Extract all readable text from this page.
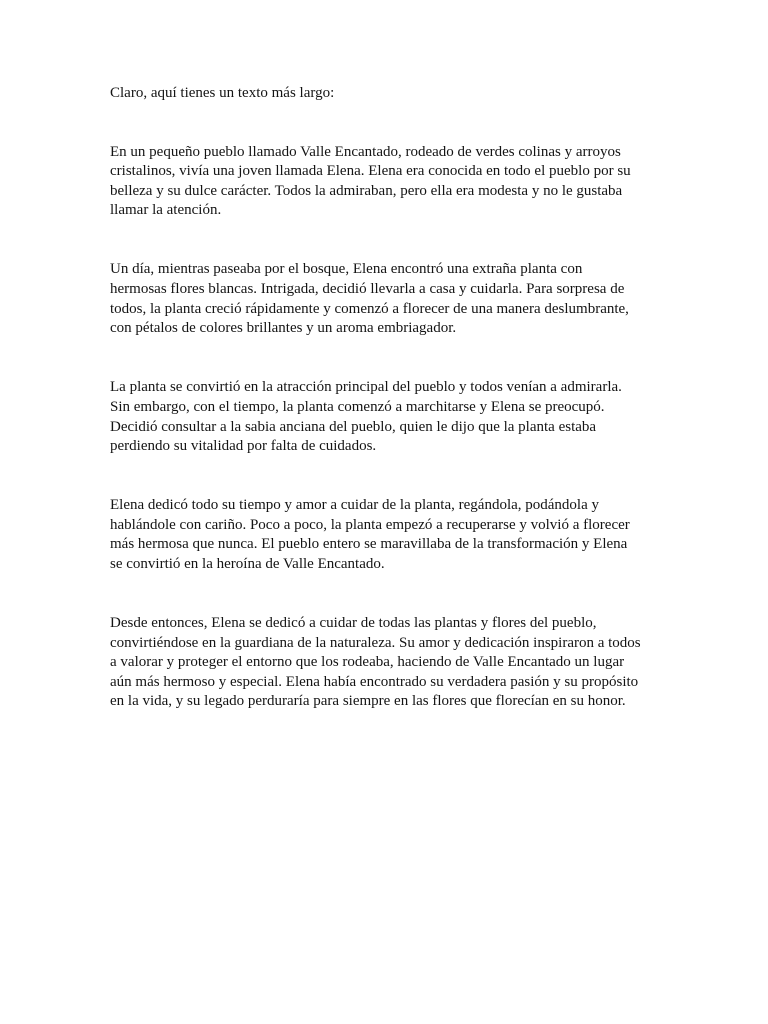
Claro, aquí tienes un texto más largo:

En un pequeño pueblo llamado Valle Encantado, rodeado de verdes colinas y arroyos
cristalinos, vivía una joven llamada Elena. Elena era conocida en todo el pueblo por su
belleza y su dulce carácter. Todos la admiraban, pero ella era modesta y no le gustaba
llamar la atención.

Un día, mientras paseaba por el bosque, Elena encontró una extraña planta con
hermosas flores blancas. Intrigada, decidió llevarla a casa y cuidarla. Para sorpresa de
todos, la planta creció rápidamente y comenzó a florecer de una manera deslumbrante,
con pétalos de colores brillantes y un aroma embriagador.

La planta se convirtió en la atracción principal del pueblo y todos venían a admirarla.
Sin embargo, con el tiempo, la planta comenzó a marchitarse y Elena se preocupó.
Decidió consultar a la sabia anciana del pueblo, quien le dijo que la planta estaba
perdiendo su vitalidad por falta de cuidados.

Elena dedicó todo su tiempo y amor a cuidar de la planta, regándola, podándola y
hablándole con cariño. Poco a poco, la planta empezó a recuperarse y volvió a florecer
más hermosa que nunca. El pueblo entero se maravillaba de la transformación y Elena
se convirtió en la heroína de Valle Encantado.

Desde entonces, Elena se dedicó a cuidar de todas las plantas y flores del pueblo,
convirtiéndose en la guardiana de la naturaleza. Su amor y dedicación inspiraron a todos
a valorar y proteger el entorno que los rodeaba, haciendo de Valle Encantado un lugar
aún más hermoso y especial. Elena había encontrado su verdadera pasión y su propósito
en la vida, y su legado perduraría para siempre en las flores que florecían en su honor.
